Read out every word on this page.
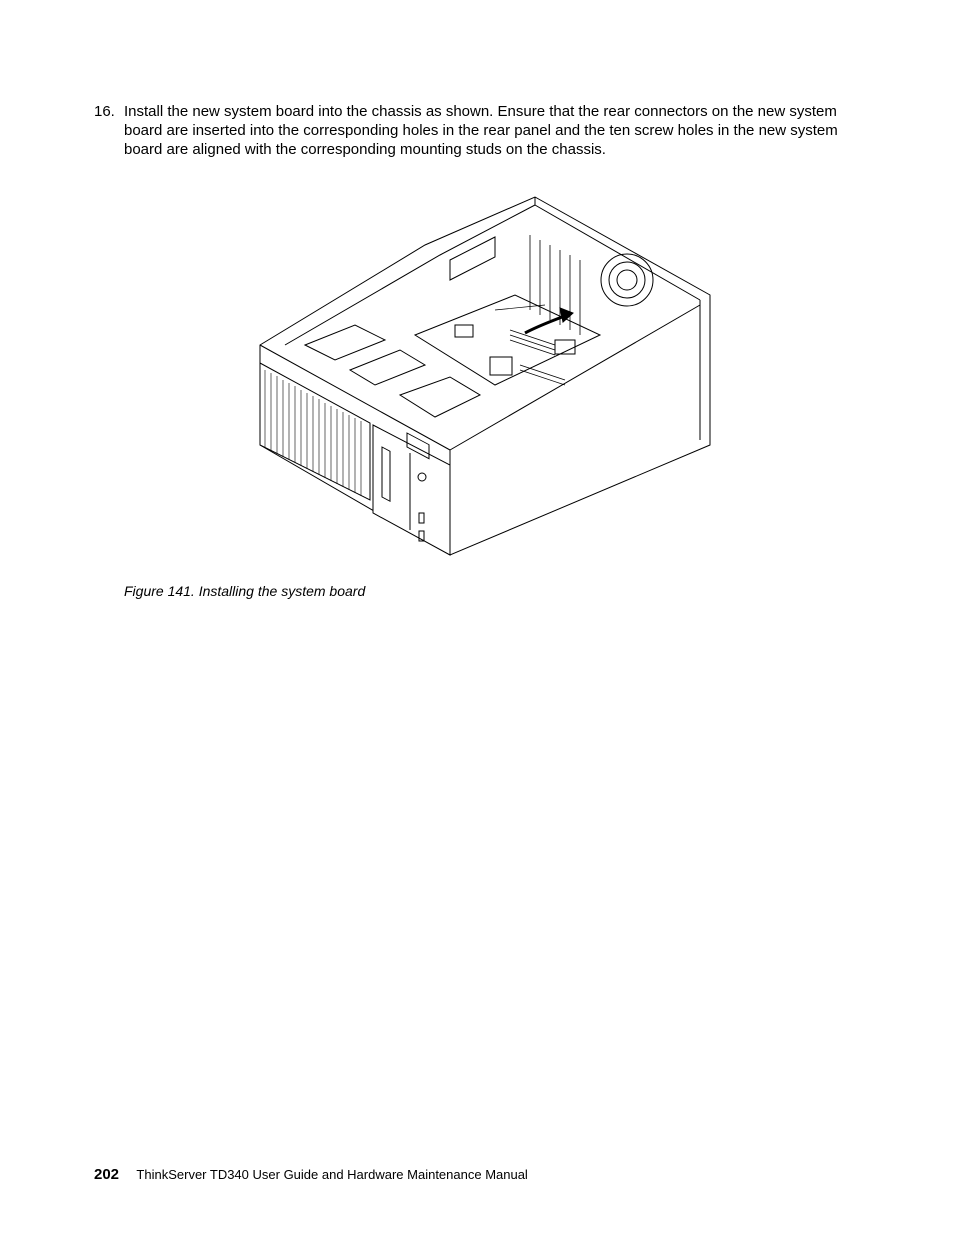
16. Install the new system board into the chassis as shown. Ensure that the rear connectors on the new system board are inserted into the corresponding holes in the rear panel and the ten screw holes in the new system board are aligned with the corresponding mounting studs on the chassis.
Figure 141. Installing the system board
202 ThinkServer TD340 User Guide and Hardware Maintenance Manual
